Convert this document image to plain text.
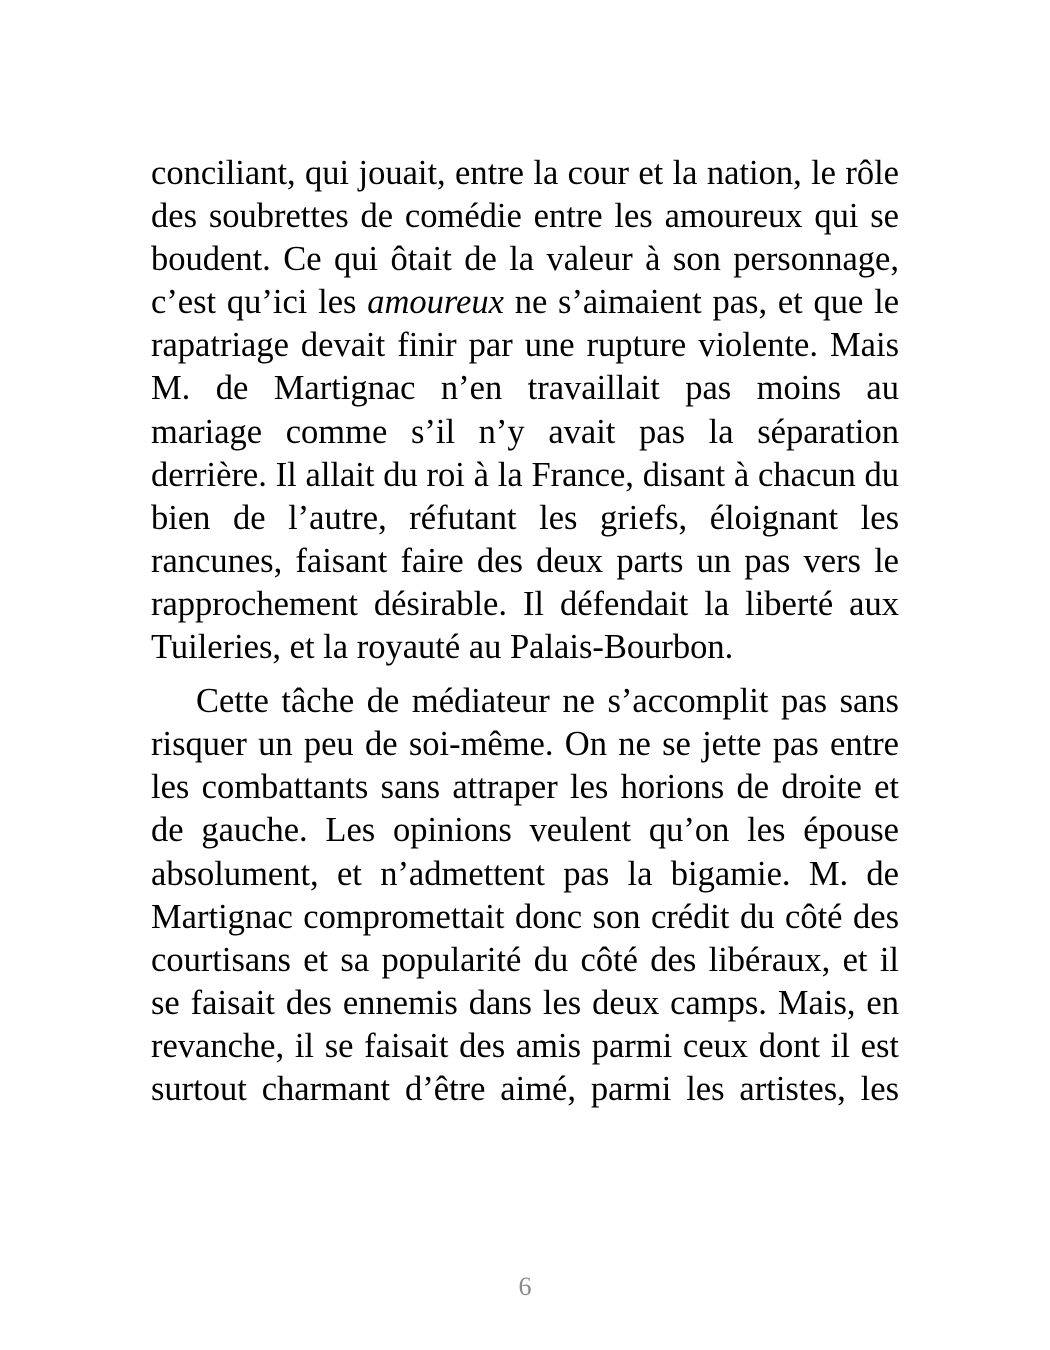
conciliant, qui jouait, entre la cour et la nation, le rôle des soubrettes de comédie entre les amoureux qui se boudent. Ce qui ôtait de la valeur à son personnage, c’est qu’ici les amoureux ne s’aimaient pas, et que le rapatriage devait finir par une rupture violente. Mais M. de Martignac n’en travaillait pas moins au mariage comme s’il n’y avait pas la séparation derrière. Il allait du roi à la France, disant à chacun du bien de l’autre, réfutant les griefs, éloignant les rancunes, faisant faire des deux parts un pas vers le rapprochement désirable. Il défendait la liberté aux Tuileries, et la royauté au Palais-Bourbon.

Cette tâche de médiateur ne s’accomplit pas sans risquer un peu de soi-même. On ne se jette pas entre les combattants sans attraper les horions de droite et de gauche. Les opinions veulent qu’on les épouse absolument, et n’admettent pas la bigamie. M. de Martignac compromettait donc son crédit du côté des courtisans et sa popularité du côté des libéraux, et il se faisait des ennemis dans les deux camps. Mais, en revanche, il se faisait des amis parmi ceux dont il est surtout charmant d’être aimé, parmi les artistes, les

6
